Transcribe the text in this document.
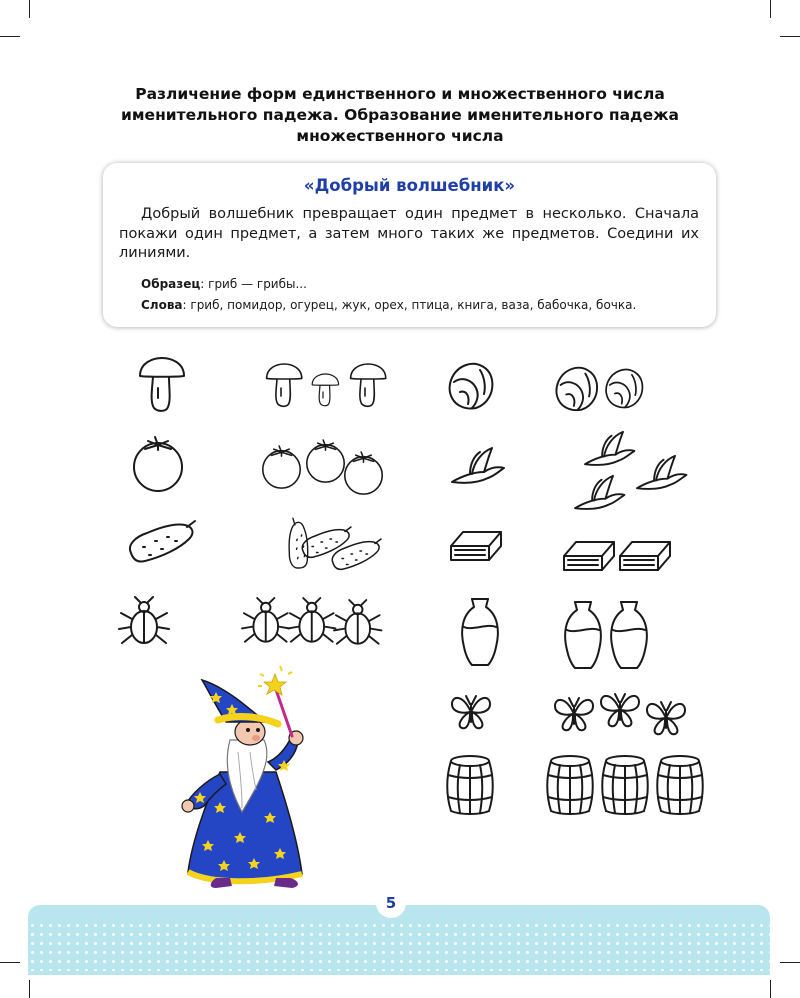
Различение форм единственного и множественного числа
именительного падежа. Образование именительного падежа
множественного числа
«Добрый волшебник»
Добрый волшебник превращает один предмет в несколько. Сначала покажи один предмет, а затем много таких же предметов. Соедини их линиями.
Образец: гриб — грибы...
Слова: гриб, помидор, огурец, жук, орех, птица, книга, ваза, бабочка, бочка.
5
